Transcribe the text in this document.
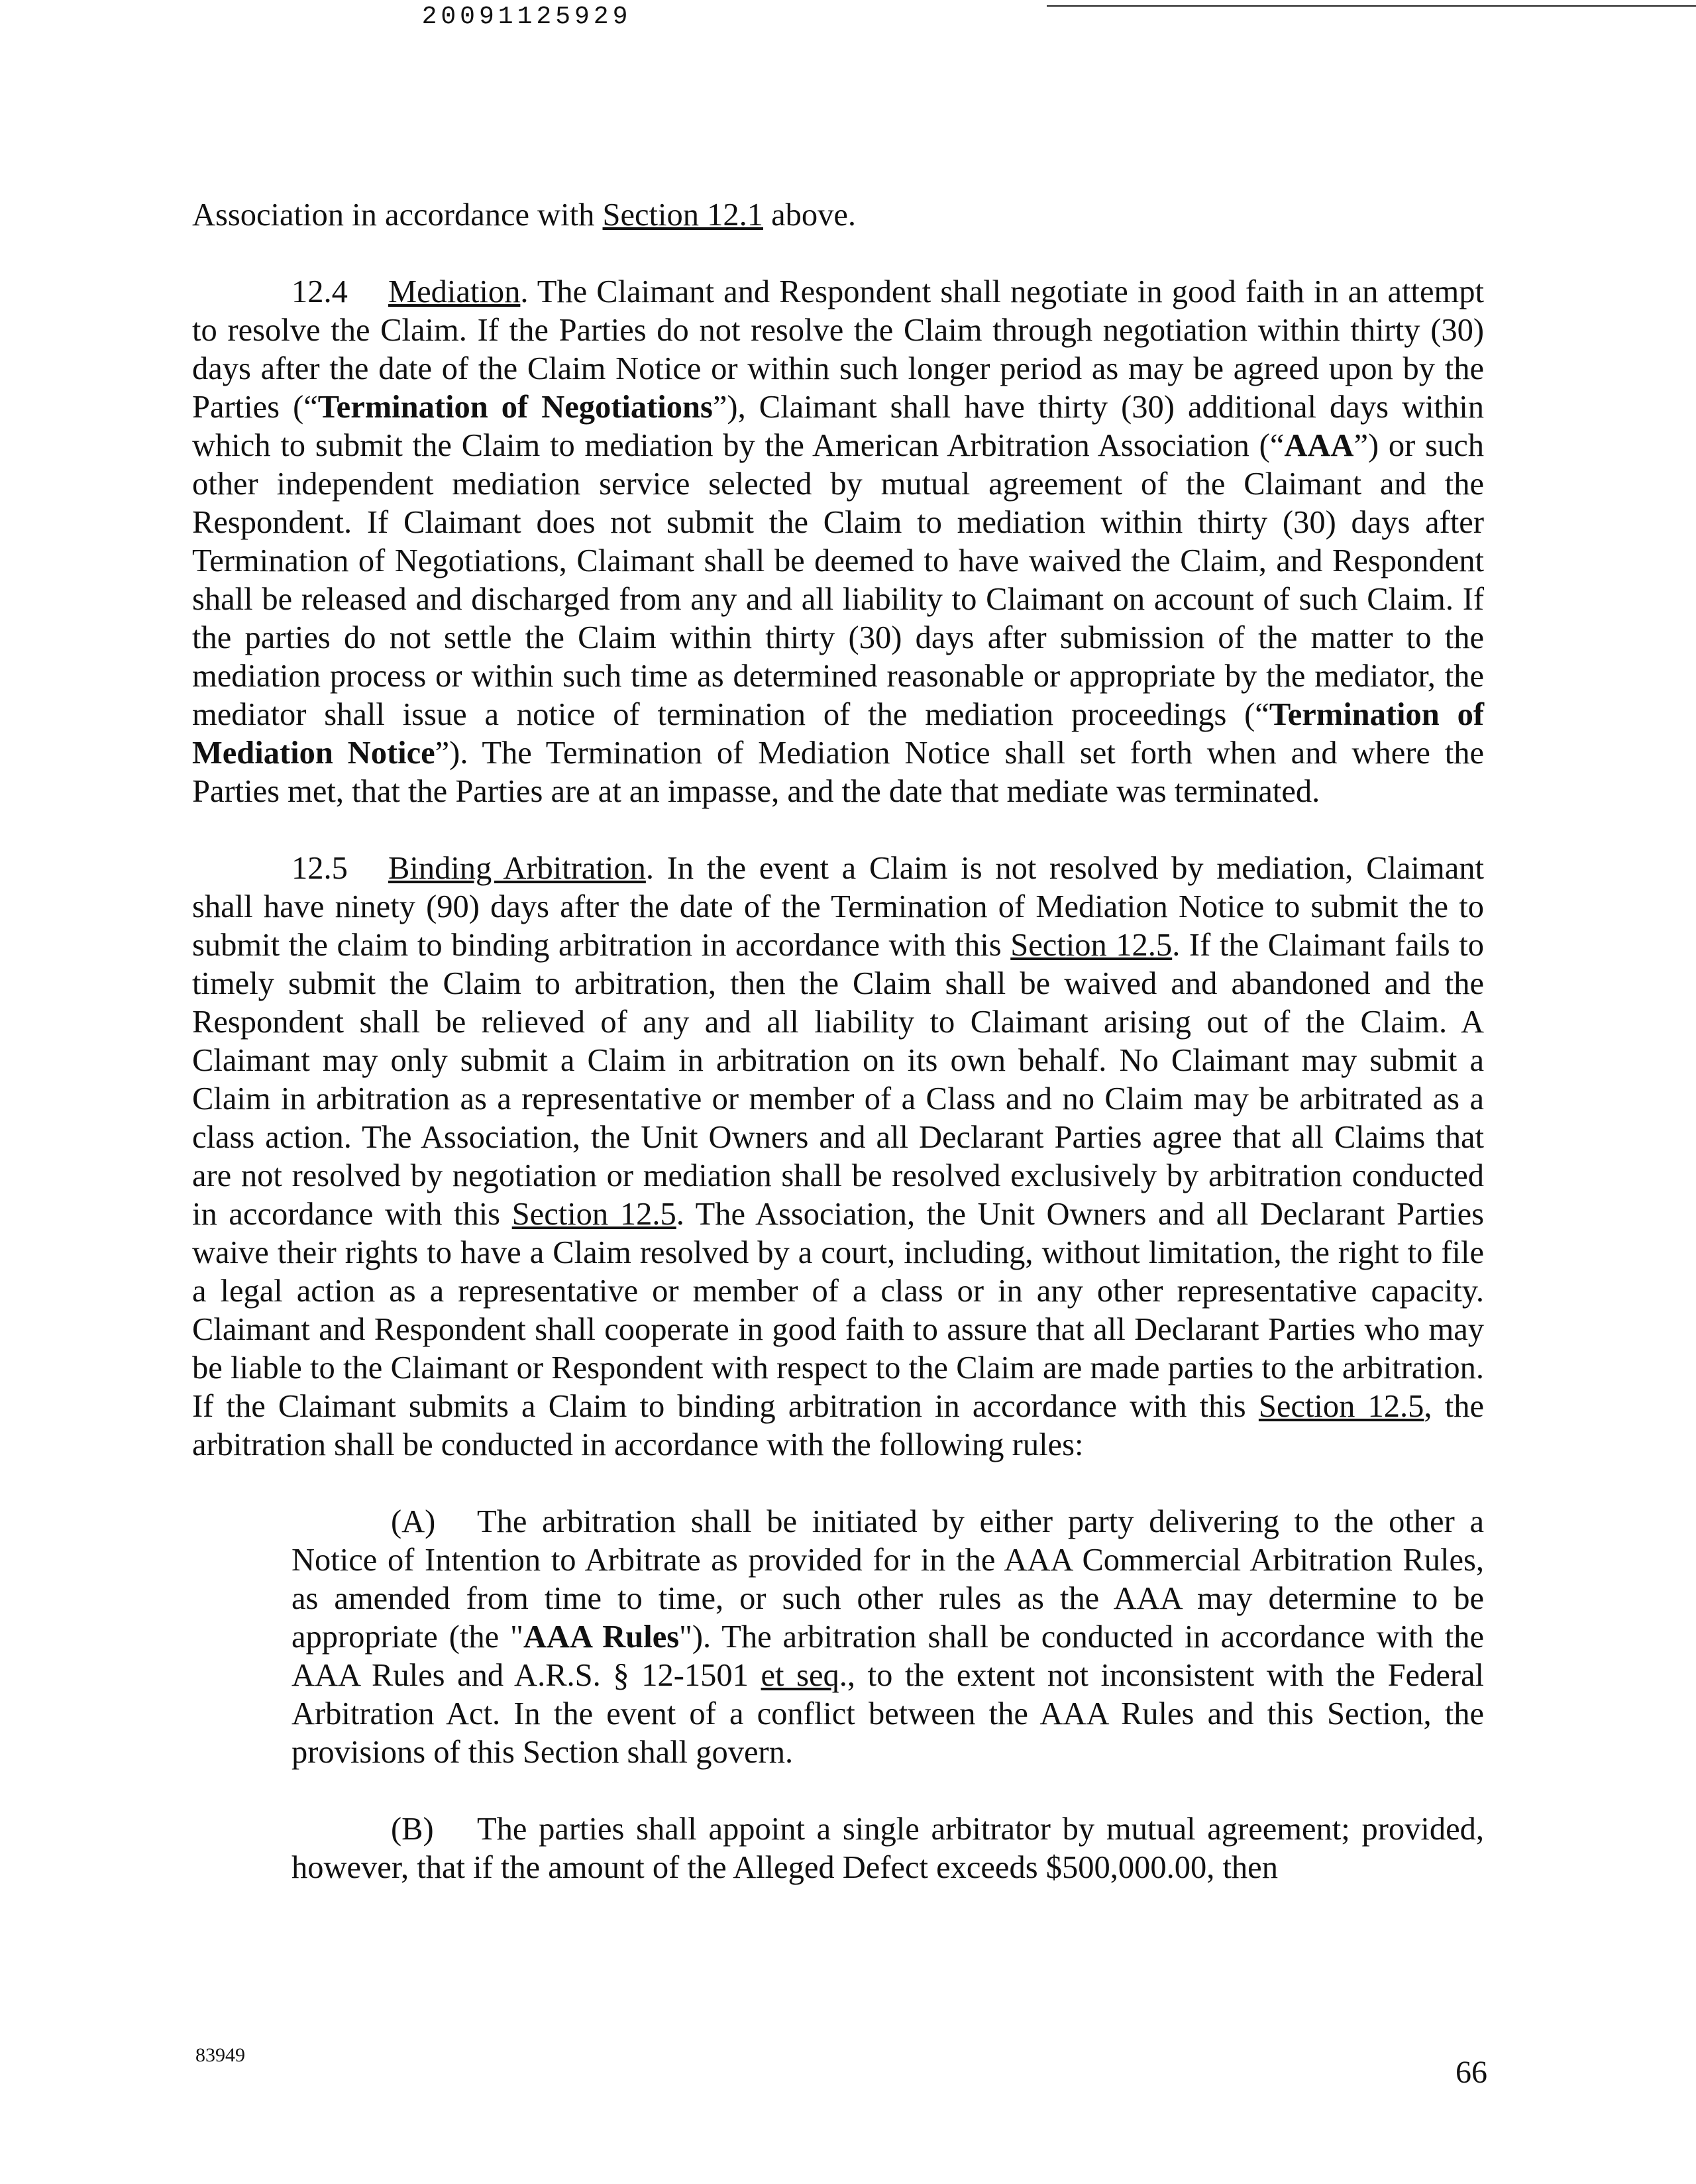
20091125929

Association in accordance with Section 12.1 above.

12.4 Mediation. The Claimant and Respondent shall negotiate in good faith in an attempt to resolve the Claim. If the Parties do not resolve the Claim through negotiation within thirty (30) days after the date of the Claim Notice or within such longer period as may be agreed upon by the Parties (“Termination of Negotiations”), Claimant shall have thirty (30) additional days within which to submit the Claim to mediation by the American Arbitration Association (“AAA”) or such other independent mediation service selected by mutual agreement of the Claimant and the Respondent. If Claimant does not submit the Claim to mediation within thirty (30) days after Termination of Negotiations, Claimant shall be deemed to have waived the Claim, and Respondent shall be released and discharged from any and all liability to Claimant on account of such Claim. If the parties do not settle the Claim within thirty (30) days after submission of the matter to the mediation process or within such time as determined reasonable or appropriate by the mediator, the mediator shall issue a notice of termination of the mediation proceedings (“Termination of Mediation Notice”). The Termination of Mediation Notice shall set forth when and where the Parties met, that the Parties are at an impasse, and the date that mediate was terminated.

12.5 Binding Arbitration. In the event a Claim is not resolved by mediation, Claimant shall have ninety (90) days after the date of the Termination of Mediation Notice to submit the to submit the claim to binding arbitration in accordance with this Section 12.5. If the Claimant fails to timely submit the Claim to arbitration, then the Claim shall be waived and abandoned and the Respondent shall be relieved of any and all liability to Claimant arising out of the Claim. A Claimant may only submit a Claim in arbitration on its own behalf. No Claimant may submit a Claim in arbitration as a representative or member of a Class and no Claim may be arbitrated as a class action. The Association, the Unit Owners and all Declarant Parties agree that all Claims that are not resolved by negotiation or mediation shall be resolved exclusively by arbitration conducted in accordance with this Section 12.5. The Association, the Unit Owners and all Declarant Parties waive their rights to have a Claim resolved by a court, including, without limitation, the right to file a legal action as a representative or member of a class or in any other representative capacity. Claimant and Respondent shall cooperate in good faith to assure that all Declarant Parties who may be liable to the Claimant or Respondent with respect to the Claim are made parties to the arbitration. If the Claimant submits a Claim to binding arbitration in accordance with this Section 12.5, the arbitration shall be conducted in accordance with the following rules:

(A) The arbitration shall be initiated by either party delivering to the other a Notice of Intention to Arbitrate as provided for in the AAA Commercial Arbitration Rules, as amended from time to time, or such other rules as the AAA may determine to be appropriate (the "AAA Rules"). The arbitration shall be conducted in accordance with the AAA Rules and A.R.S. § 12-1501 et seq., to the extent not inconsistent with the Federal Arbitration Act. In the event of a conflict between the AAA Rules and this Section, the provisions of this Section shall govern.

(B) The parties shall appoint a single arbitrator by mutual agreement; provided, however, that if the amount of the Alleged Defect exceeds $500,000.00, then

83949	66
